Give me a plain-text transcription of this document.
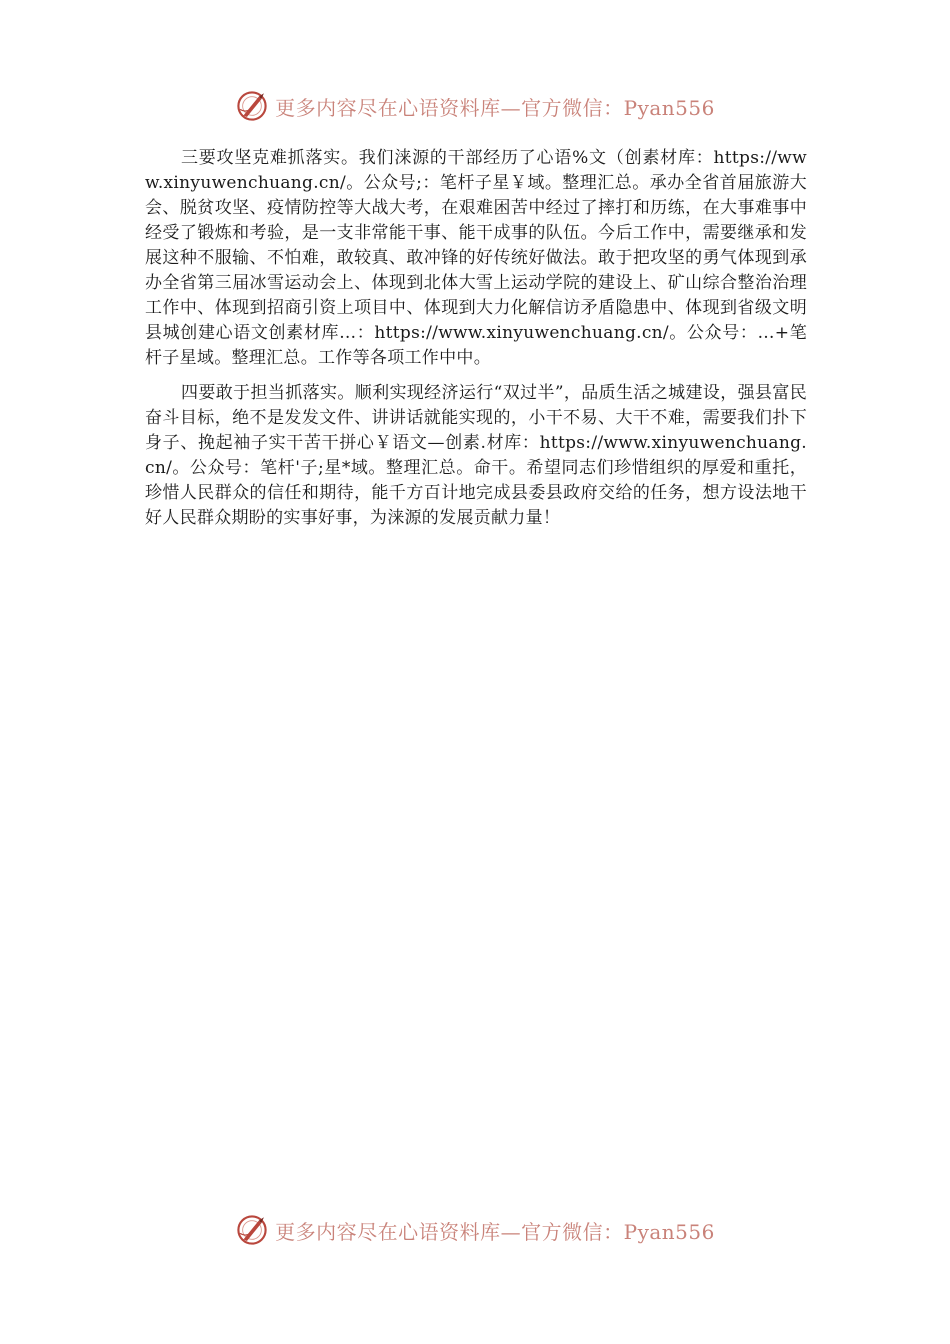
更多内容尽在心语资料库—官方微信：Pyan556

三要攻坚克难抓落实。我们涞源的干部经历了心语%文（创素材库：https://www.xinyuwenchuang.cn/。公众号;：笔杆子星￥域。整理汇总。承办全省首届旅游大会、脱贫攻坚、疫情防控等大战大考，在艰难困苦中经过了摔打和历练，在大事难事中经受了锻炼和考验，是一支非常能干事、能干成事的队伍。今后工作中，需要继承和发展这种不服输、不怕难，敢较真、敢冲锋的好传统好做法。敢于把攻坚的勇气体现到承办全省第三届冰雪运动会上、体现到北体大雪上运动学院的建设上、矿山综合整治治理工作中、体现到招商引资上项目中、体现到大力化解信访矛盾隐患中、体现到省级文明县城创建心语文创素材库…：https://www.xinyuwenchuang.cn/。公众号：…+笔杆子星域。整理汇总。工作等各项工作中中。

四要敢于担当抓落实。顺利实现经济运行“双过半”，品质生活之城建设，强县富民奋斗目标，绝不是发发文件、讲讲话就能实现的，小干不易、大干不难，需要我们扑下身子、挽起袖子实干苦干拼心￥语文—创素.材库：https://www.xinyuwenchuang.cn/。公众号：笔杆'子;星*域。整理汇总。命干。希望同志们珍惜组织的厚爱和重托，珍惜人民群众的信任和期待，能千方百计地完成县委县政府交给的任务，想方设法地干好人民群众期盼的实事好事，为涞源的发展贡献力量！

更多内容尽在心语资料库—官方微信：Pyan556
